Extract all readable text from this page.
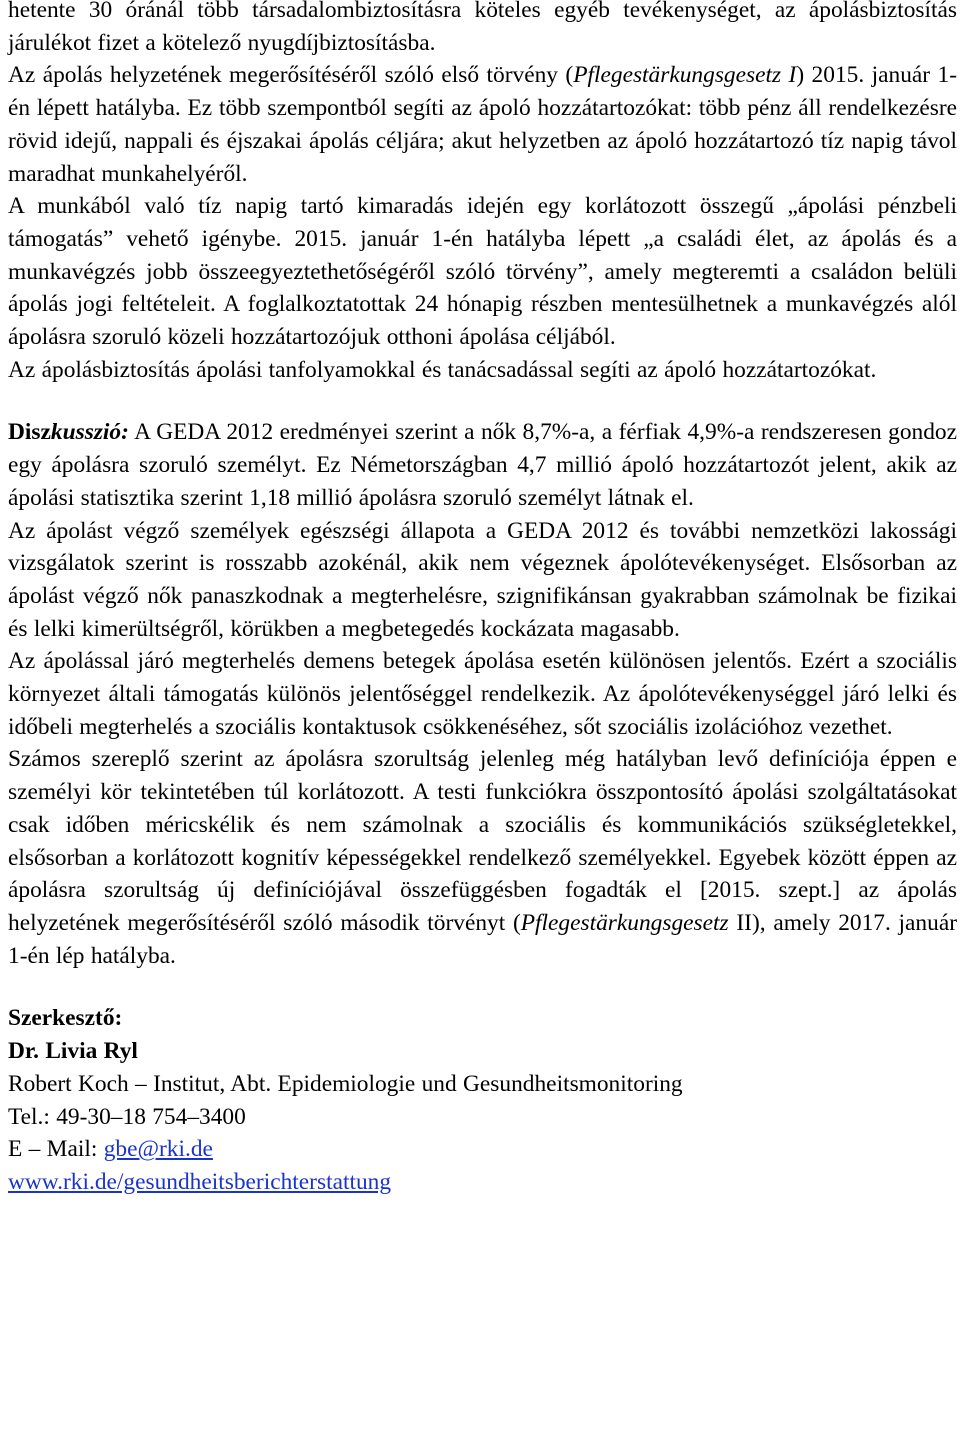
hetente 30 óránál több társadalombiztosításra köteles egyéb tevékenységet, az ápolásbiztosítás járulékot fizet a kötelező nyugdíjbiztosításba.
Az ápolás helyzetének megerősítéséről szóló első törvény (Pflegestärkungsgesetz I) 2015. január 1-én lépett hatályba. Ez több szempontból segíti az ápoló hozzátartozókat: több pénz áll rendelkezésre rövid idejű, nappali és éjszakai ápolás céljára; akut helyzetben az ápoló hozzátartozó tíz napig távol maradhat munkahelyéről.

A munkából való tíz napig tartó kimaradás idején egy korlátozott összegű „ápolási pénzbeli támogatás” vehető igénybe. 2015. január 1-én hatályba lépett „a családi élet, az ápolás és a munkavégzés jobb összeegyeztethetőségéről szóló törvény”, amely megteremti a családon belüli ápolás jogi feltételeit. A foglalkoztatottak 24 hónapig részben mentesülhetnek a munkavégzés alól ápolásra szoruló közeli hozzátartozójuk otthoni ápolása céljából.

Az ápolásbiztosítás ápolási tanfolyamokkal és tanácsadással segíti az ápoló hozzátartozókat.

Diszkusszió: A GEDA 2012 eredményei szerint a nők 8,7%-a, a férfiak 4,9%-a rendszeresen gondoz egy ápolásra szoruló személyt. Ez Németországban 4,7 millió ápoló hozzátartozót jelent, akik az ápolási statisztika szerint 1,18 millió ápolásra szoruló személyt látnak el.

Az ápolást végző személyek egészségi állapota a GEDA 2012 és további nemzetközi lakossági vizsgálatok szerint is rosszabb azokénál, akik nem végeznek ápolótevékenységet. Elsősorban az ápolást végző nők panaszkodnak a megterhelésre, szignifikánsan gyakrabban számolnak be fizikai és lelki kimerültségről, körükben a megbetegedés kockázata magasabb.

Az ápolással járó megterhelés demens betegek ápolása esetén különösen jelentős. Ezért a szociális környezet általi támogatás különös jelentőséggel rendelkezik. Az ápolótevékenységgel járó lelki és időbeli megterhelés a szociális kontaktusok csökkenéséhez, sőt szociális izolációhoz vezethet.

Számos szereplő szerint az ápolásra szorultság jelenleg még hatályban levő definíciója éppen e személyi kör tekintetében túl korlátozott. A testi funkciókra összpontosító ápolási szolgáltatásokat csak időben méricskélik és nem számolnak a szociális és kommunikációs szükségletekkel, elsősorban a korlátozott kognitív képességekkel rendelkező személyekkel. Egyebek között éppen az ápolásra szorultság új definíciójával összefüggésben fogadták el [2015. szept.] az ápolás helyzetének megerősítéséről szóló második törvényt (Pflegestärkungsgesetz II), amely 2017. január 1-én lép hatályba.

Szerkesztő:
Dr. Livia Ryl
Robert Koch – Institut, Abt. Epidemiologie und Gesundheitsmonitoring
Tel.: 49-30–18 754–3400
E – Mail: gbe@rki.de
www.rki.de/gesundheitsberichterstattung
